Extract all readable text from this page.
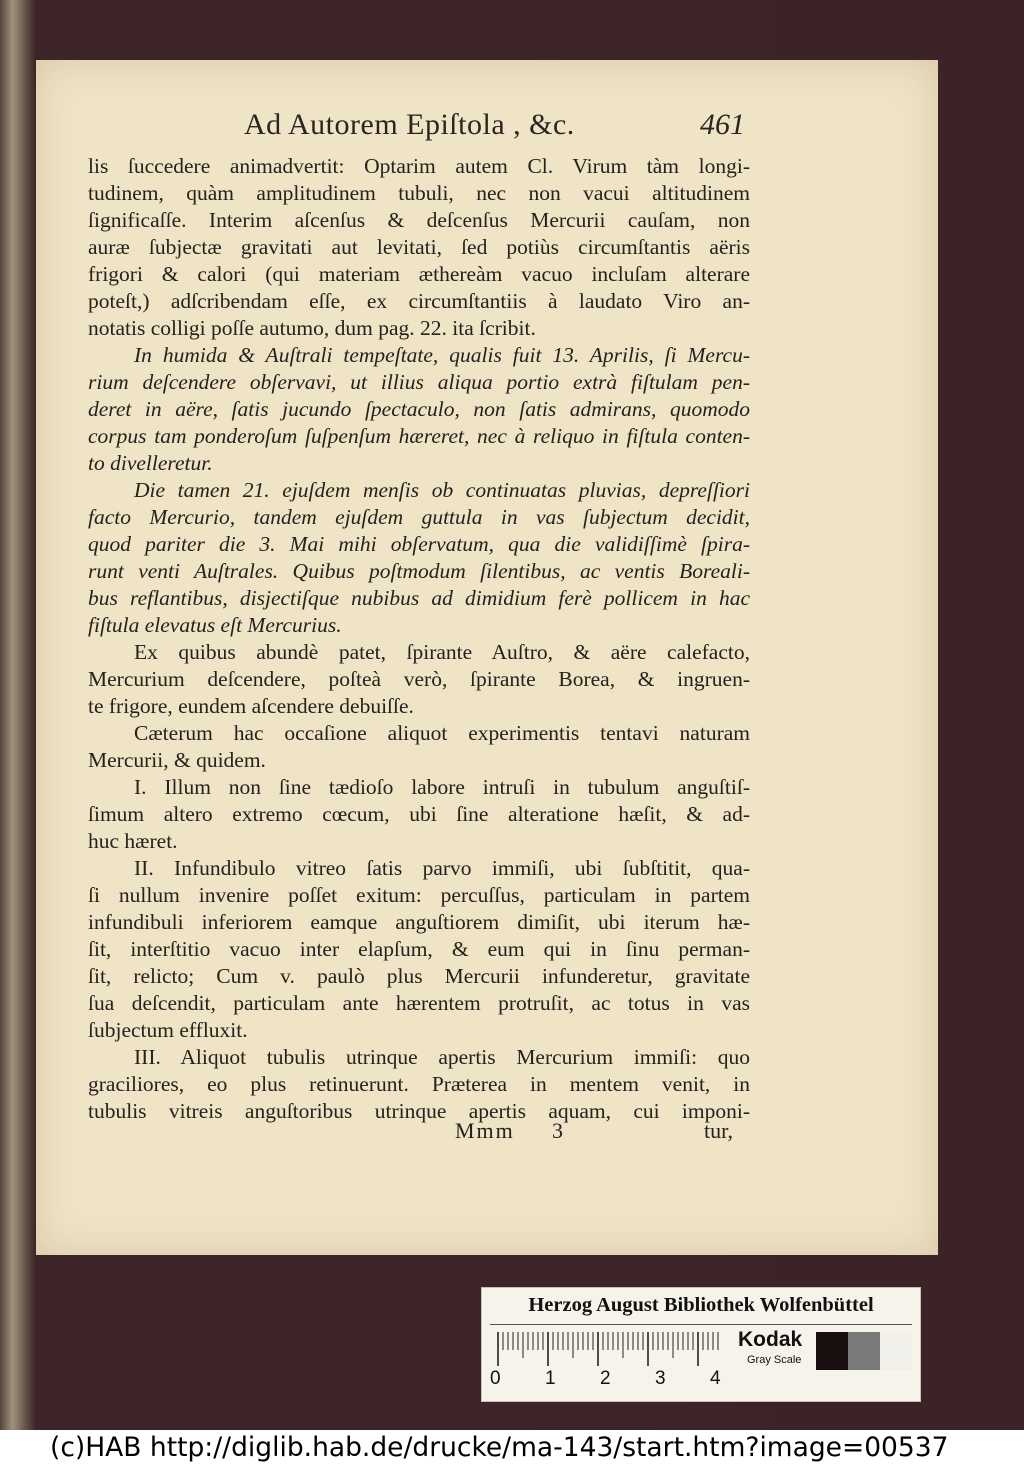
Ad Autorem Epiſtola , &c.	461
lis ſuccedere animadvertit: Optarim autem Cl. Virum tàm longi-
tudinem, quàm amplitudinem tubuli, nec non vacui altitudinem
ſignificaſſe. Interim aſcenſus & deſcenſus Mercurii cauſam, non
auræ ſubjectæ gravitati aut levitati, ſed potiùs circumſtantis aëris
frigori & calori (qui materiam æthereàm vacuo incluſam alterare
poteſt,) adſcribendam eſſe, ex circumſtantiis à laudato Viro an-
notatis colligi poſſe autumo, dum pag. 22. ita ſcribit.
In humida & Auſtrali tempeſtate, qualis fuit 13. Aprilis, ſi Mercu-
rium deſcendere obſervavi, ut illius aliqua portio extrà fiſtulam pen-
deret in aëre, ſatis jucundo ſpectaculo, non ſatis admirans, quomodo
corpus tam ponderoſum ſuſpenſum hæreret, nec à reliquo in fiſtula conten-
to divelleretur.
Die tamen 21. ejuſdem menſis ob continuatas pluvias, depreſſiori
facto Mercurio, tandem ejuſdem guttula in vas ſubjectum decidit,
quod pariter die 3. Mai mihi obſervatum, qua die validiſſimè ſpira-
runt venti Auſtrales. Quibus poſtmodum ſilentibus, ac ventis Boreali-
bus reflantibus, disjectiſque nubibus ad dimidium ferè pollicem in hac
fiſtula elevatus eſt Mercurius.
Ex quibus abundè patet, ſpirante Auſtro, & aëre calefacto,
Mercurium deſcendere, poſteà verò, ſpirante Borea, & ingruen-
te frigore, eundem aſcendere debuiſſe.
Cæterum hac occaſione aliquot experimentis tentavi naturam
Mercurii, & quidem.
I. Illum non ſine tædioſo labore intruſi in tubulum anguſtiſ-
ſimum altero extremo cœcum, ubi ſine alteratione hæſit, & ad-
huc hæret.
II. Infundibulo vitreo ſatis parvo immiſi, ubi ſubſtitit, qua-
ſi nullum invenire poſſet exitum: percuſſus, particulam in partem
infundibuli inferiorem eamque anguſtiorem dimiſit, ubi iterum hæ-
ſit, interſtitio vacuo inter elapſum, & eum qui in ſinu perman-
ſit, relicto; Cum v. paulò plus Mercurii infunderetur, gravitate
ſua deſcendit, particulam ante hærentem protruſit, ac totus in vas
ſubjectum effluxit.
III. Aliquot tubulis utrinque apertis Mercurium immiſi: quo
graciliores, eo plus retinuerunt. Præterea in mentem venit, in
tubulis vitreis anguſtoribus utrinque apertis aquam, cui imponi-
Mmm 3	tur,
Herzog August Bibliothek Wolfenbüttel
0 1 2 3 4
Kodak
Gray Scale
(c)HAB http://diglib.hab.de/drucke/ma-143/start.htm?image=00537
